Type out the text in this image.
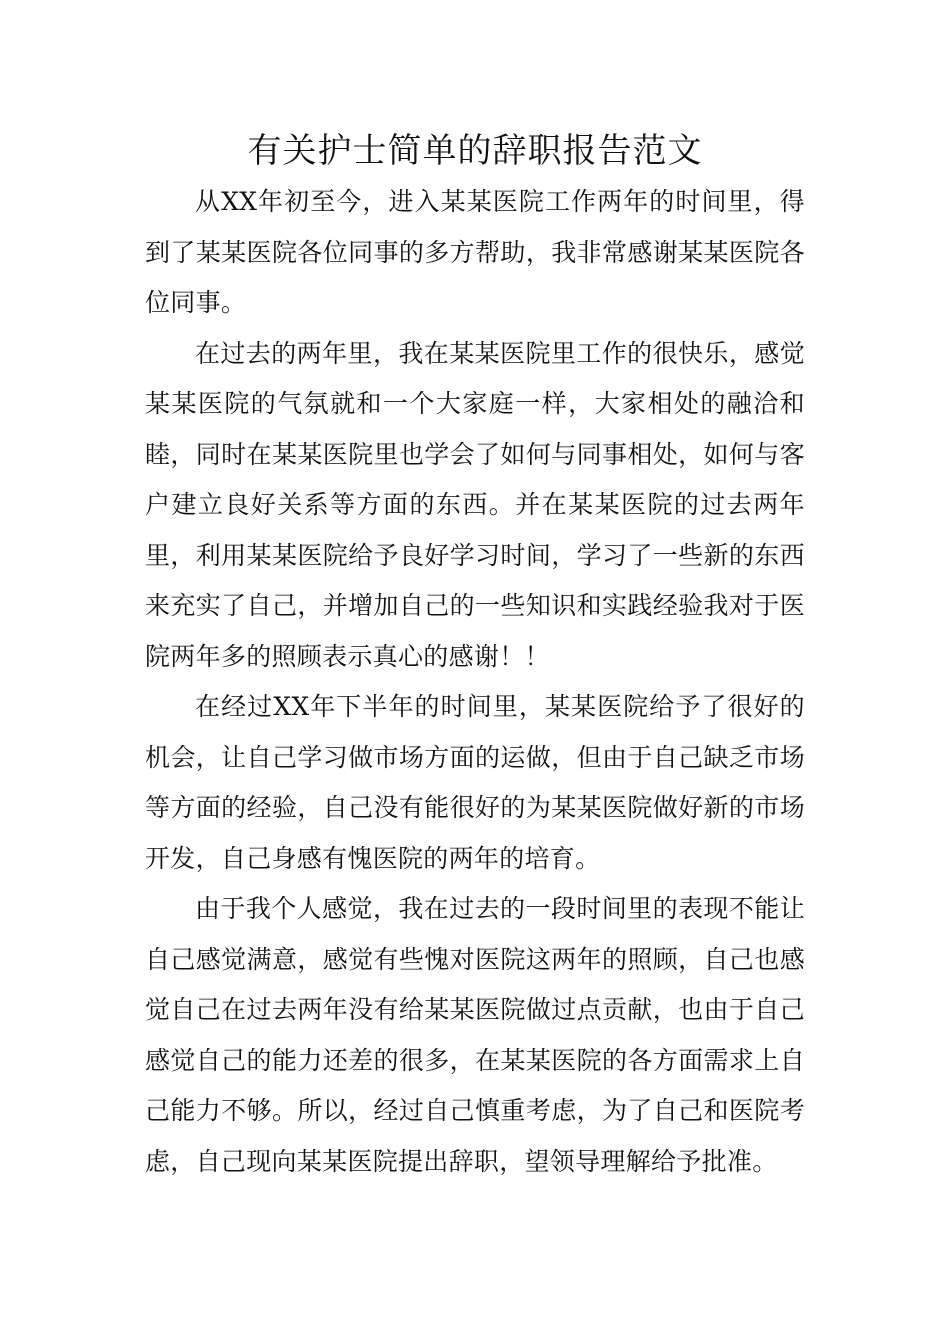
有关护士简单的辞职报告范文

从XX年初至今，进入某某医院工作两年的时间里，得到了某某医院各位同事的多方帮助，我非常感谢某某医院各位同事。

在过去的两年里，我在某某医院里工作的很快乐，感觉某某医院的气氛就和一个大家庭一样，大家相处的融洽和睦，同时在某某医院里也学会了如何与同事相处，如何与客户建立良好关系等方面的东西。并在某某医院的过去两年里，利用某某医院给予良好学习时间，学习了一些新的东西来充实了自己，并增加自己的一些知识和实践经验我对于医院两年多的照顾表示真心的感谢！！

在经过XX年下半年的时间里，某某医院给予了很好的机会，让自己学习做市场方面的运做，但由于自己缺乏市场等方面的经验，自己没有能很好的为某某医院做好新的市场开发，自己身感有愧医院的两年的培育。

由于我个人感觉，我在过去的一段时间里的表现不能让自己感觉满意，感觉有些愧对医院这两年的照顾，自己也感觉自己在过去两年没有给某某医院做过点贡献，也由于自己感觉自己的能力还差的很多，在某某医院的各方面需求上自己能力不够。所以，经过自己慎重考虑，为了自己和医院考虑，自己现向某某医院提出辞职，望领导理解给予批准。
